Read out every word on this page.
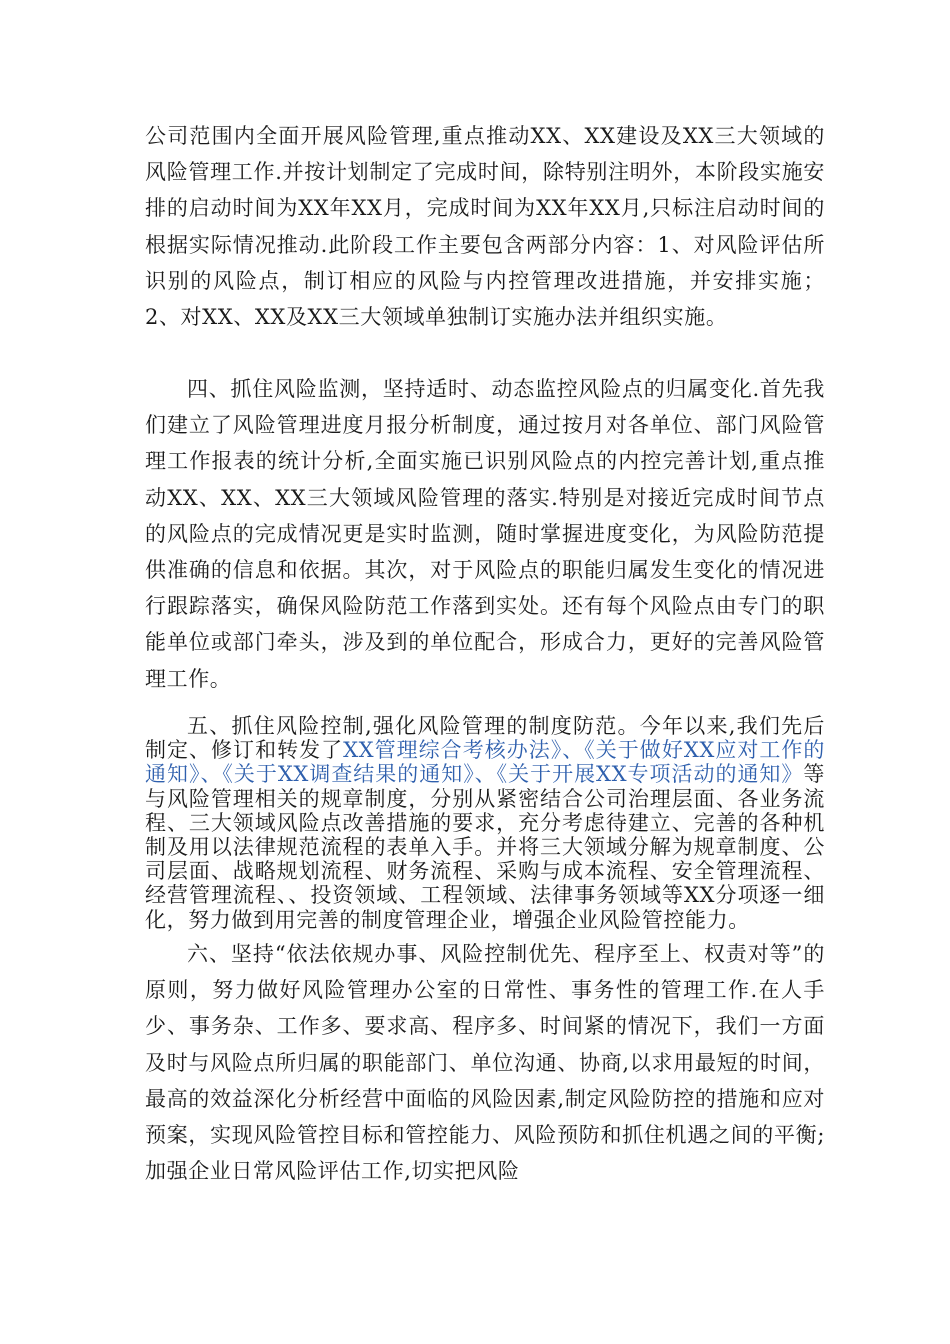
公司范围内全面开展风险管理,重点推动XX、XX建设及XX三大领域的风险管理工作.并按计划制定了完成时间，除特别注明外，本阶段实施安排的启动时间为XX年XX月，完成时间为XX年XX月,只标注启动时间的根据实际情况推动.此阶段工作主要包含两部分内容：1、对风险评估所识别的风险点，制订相应的风险与内控管理改进措施，并安排实施；2、对XX、XX及XX三大领域单独制订实施办法并组织实施。

四、抓住风险监测，坚持适时、动态监控风险点的归属变化.首先我们建立了风险管理进度月报分析制度，通过按月对各单位、部门风险管理工作报表的统计分析,全面实施已识别风险点的内控完善计划,重点推动XX、XX、XX三大领域风险管理的落实.特别是对接近完成时间节点的风险点的完成情况更是实时监测，随时掌握进度变化，为风险防范提供准确的信息和依据。其次，对于风险点的职能归属发生变化的情况进行跟踪落实，确保风险防范工作落到实处。还有每个风险点由专门的职能单位或部门牵头，涉及到的单位配合，形成合力，更好的完善风险管理工作。

五、抓住风险控制,强化风险管理的制度防范。今年以来,我们先后制定、修订和转发了XX管理综合考核办法》、《关于做好XX应对工作的通知》、《关于XX调查结果的通知》、《关于开展XX专项活动的通知》等与风险管理相关的规章制度，分别从紧密结合公司治理层面、各业务流程、三大领域风险点改善措施的要求，充分考虑待建立、完善的各种机制及用以法律规范流程的表单入手。并将三大领域分解为规章制度、公司层面、战略规划流程、财务流程、采购与成本流程、安全管理流程、经营管理流程、、投资领域、工程领域、法律事务领域等XX分项逐一细化，努力做到用完善的制度管理企业，增强企业风险管控能力。

六、坚持“依法依规办事、风险控制优先、程序至上、权责对等”的原则，努力做好风险管理办公室的日常性、事务性的管理工作.在人手少、事务杂、工作多、要求高、程序多、时间紧的情况下，我们一方面及时与风险点所归属的职能部门、单位沟通、协商,以求用最短的时间，最高的效益深化分析经营中面临的风险因素,制定风险防控的措施和应对预案，实现风险管控目标和管控能力、风险预防和抓住机遇之间的平衡;加强企业日常风险评估工作,切实把风险
